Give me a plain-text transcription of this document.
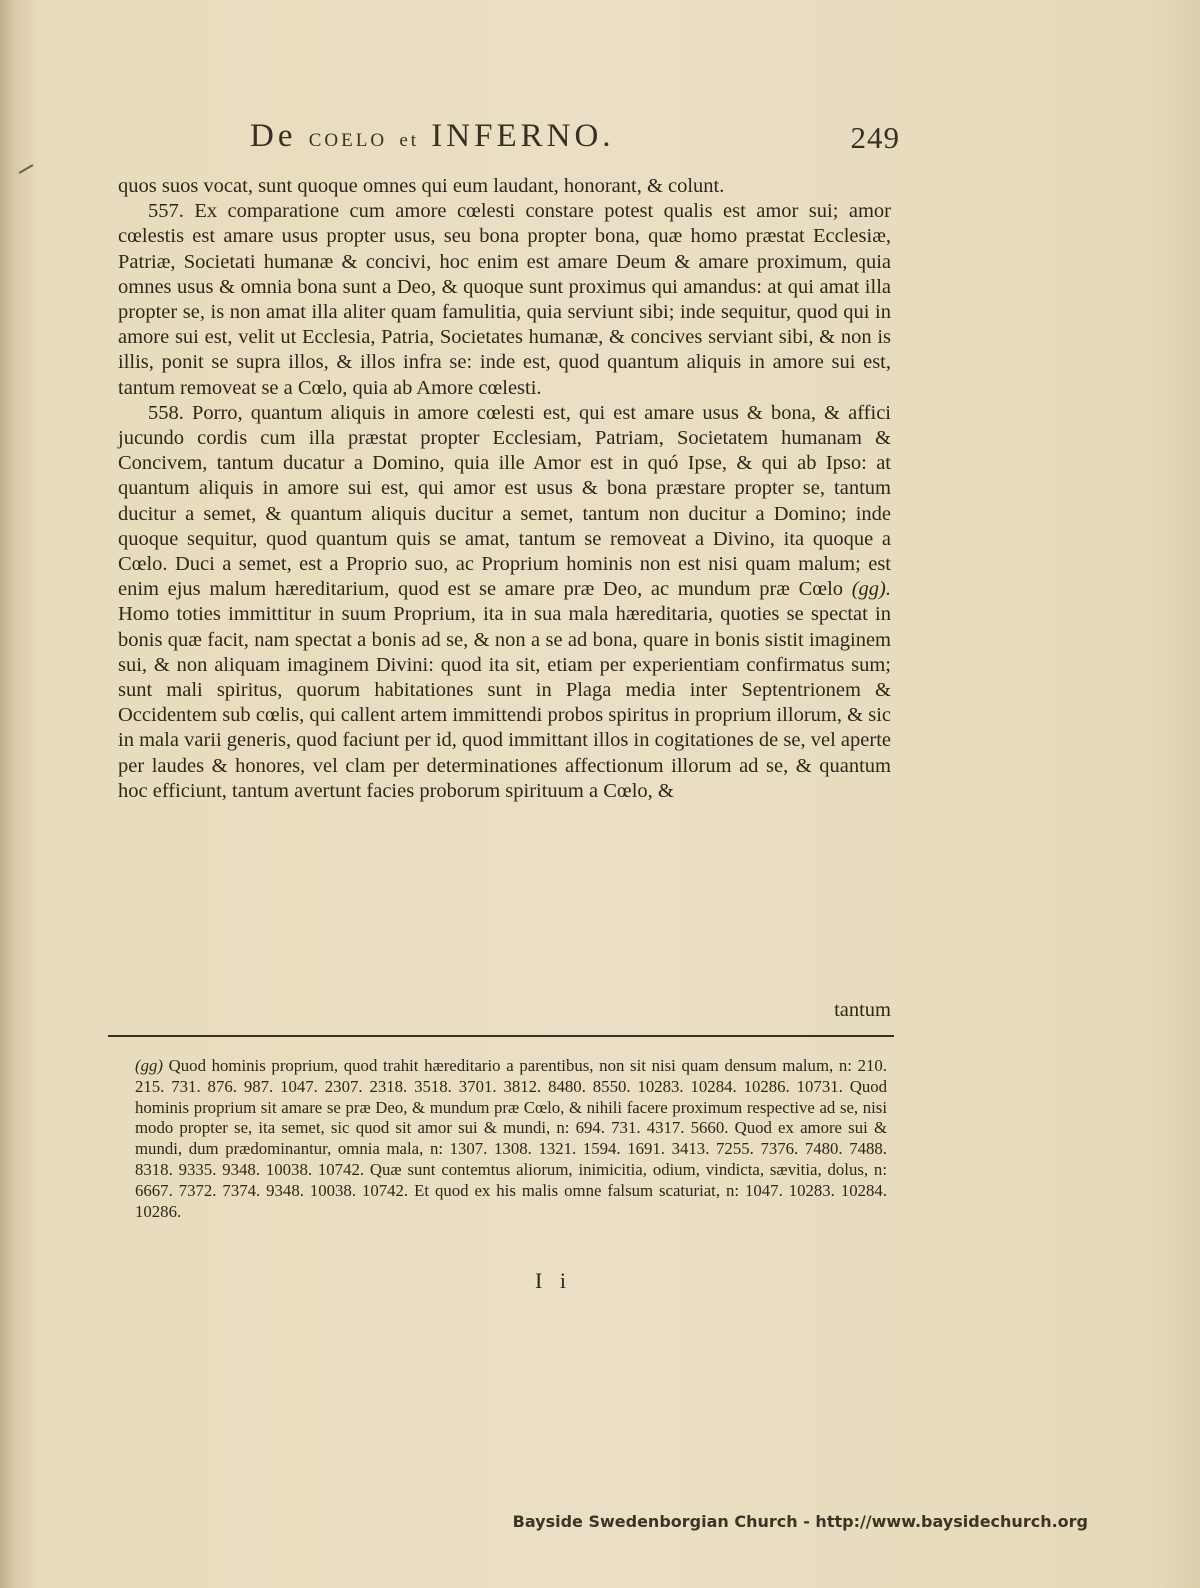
De COELO et INFERNO.	249

quos suos vocat, sunt quoque omnes qui eum laudant, honorant, & colunt.

557. Ex comparatione cum amore cœlesti constare potest qualis est amor sui; amor cœlestis est amare usus propter usus, seu bona propter bona, quæ homo præstat Ecclesiæ, Patriæ, Societati humanæ & concivi, hoc enim est amare Deum & amare proximum, quia omnes usus & omnia bona sunt a Deo, & quoque sunt proximus qui amandus: at qui amat illa propter se, is non amat illa aliter quam famulitia, quia serviunt sibi; inde sequitur, quod qui in amore sui est, velit ut Ecclesia, Patria, Societates humanæ, & concives serviant sibi, & non is illis, ponit se supra illos, & illos infra se: inde est, quod quantum aliquis in amore sui est, tantum removeat se a Cœlo, quia ab Amore cœlesti.

558. Porro, quantum aliquis in amore cœlesti est, qui est amare usus & bona, & affici jucundo cordis cum illa præstat propter Ecclesiam, Patriam, Societatem humanam & Concivem, tantum ducatur a Domino, quia ille Amor est in quó Ipse, & qui ab Ipso: at quantum aliquis in amore sui est, qui amor est usus & bona præstare propter se, tantum ducitur a semet, & quantum aliquis ducitur a semet, tantum non ducitur a Domino; inde quoque sequitur, quod quantum quis se amat, tantum se removeat a Divino, ita quoque a Cœlo. Duci a semet, est a Proprio suo, ac Proprium hominis non est nisi quam malum; est enim ejus malum hæreditarium, quod est se amare præ Deo, ac mundum præ Cœlo (gg). Homo toties immittitur in suum Proprium, ita in sua mala hæreditaria, quoties se spectat in bonis quæ facit, nam spectat a bonis ad se, & non a se ad bona, quare in bonis sistit imaginem sui, & non aliquam imaginem Divini: quod ita sit, etiam per experientiam confirmatus sum; sunt mali spiritus, quorum habitationes sunt in Plaga media inter Septentrionem & Occidentem sub cœlis, qui callent artem immittendi probos spiritus in proprium illorum, & sic in mala varii generis, quod faciunt per id, quod immittant illos in cogitationes de se, vel aperte per laudes & honores, vel clam per determinationes affectionum illorum ad se, & quantum hoc efficiunt, tantum avertunt facies proborum spirituum a Cœlo, &

tantum

(gg) Quod hominis proprium, quod trahit hæreditario a parentibus, non sit nisi quam densum malum, n: 210. 215. 731. 876. 987. 1047. 2307. 2318. 3518. 3701. 3812. 8480. 8550. 10283. 10284. 10286. 10731. Quod hominis proprium sit amare se præ Deo, & mundum præ Cœlo, & nihili facere proximum respective ad se, nisi modo propter se, ita semet, sic quod sit amor sui & mundi, n: 694. 731. 4317. 5660. Quod ex amore sui & mundi, dum prædominantur, omnia mala, n: 1307. 1308. 1321. 1594. 1691. 3413. 7255. 7376. 7480. 7488. 8318. 9335. 9348. 10038. 10742. Quæ sunt contemtus aliorum, inimicitia, odium, vindicta, sævitia, dolus, n: 6667. 7372. 7374. 9348. 10038. 10742. Et quod ex his malis omne falsum scaturiat, n: 1047. 10283. 10284. 10286.

I i
Bayside Swedenborgian Church - http://www.baysidechurch.org
